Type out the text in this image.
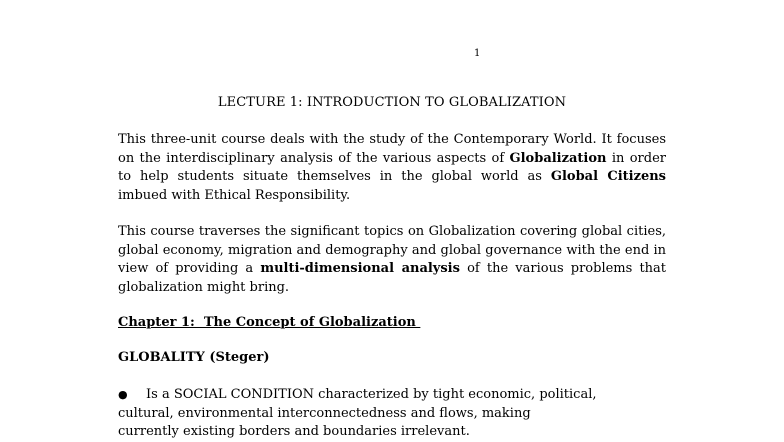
1
LECTURE 1: INTRODUCTION TO GLOBALIZATION

This three-unit course deals with the study of the Contemporary World. It focuses on the interdisciplinary analysis of the various aspects of Globalization in order to help students situate themselves in the global world as Global Citizens imbued with Ethical Responsibility.

This course traverses the significant topics on Globalization covering global cities, global economy, migration and demography and global governance with the end in view of providing a multi-dimensional analysis of the various problems that globalization might bring.

Chapter 1:  The Concept of Globalization
GLOBALITY (Steger)
● Is a SOCIAL CONDITION characterized by tight economic, political,
cultural, environmental interconnectedness and flows, making
currently existing borders and boundaries irrelevant.
